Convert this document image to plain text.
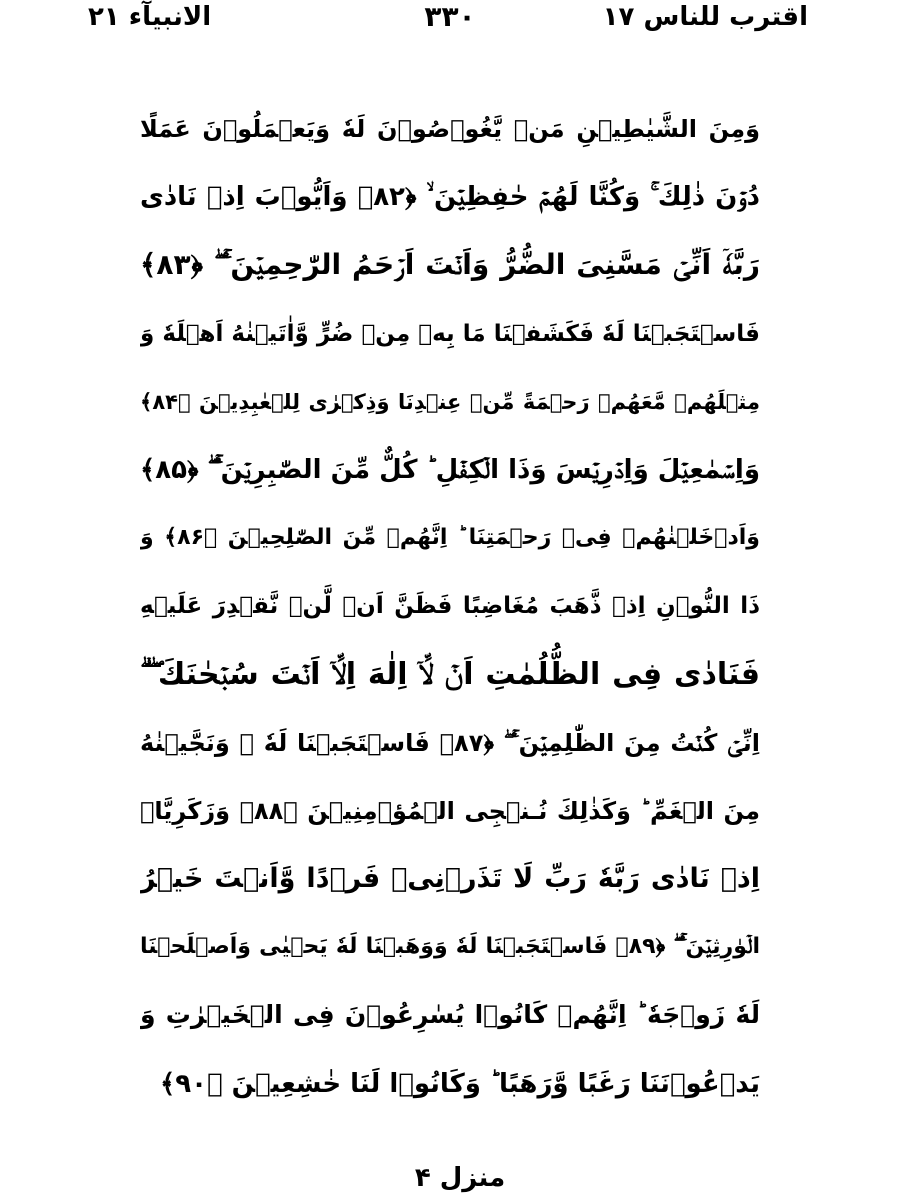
الانبيآء ٢١	٣٣٠	اقترب للناس ١٧
وَمِنَ الشَّيٰطِيۡنِ مَنۡ يَّغُوۡصُوۡنَ لَهٗ وَيَعۡمَلُوۡنَ عَمَلًا
دُوۡنَ ذٰلِكَ ۚ وَكُنَّا لَهُمۡ حٰفِظِيۡنَ ۙ ﴿۸۲﴾ وَاَيُّوۡبَ اِذۡ نَادٰى
رَبَّهٗۤ اَنِّىۡ مَسَّنِىَ الضُّرُّ وَاَنۡتَ اَرۡحَمُ الرّٰحِمِيۡنَ ۚ ۖ ﴿۸۳﴾
فَاسۡتَجَبۡنَا لَهٗ فَكَشَفۡنَا مَا بِهٖ مِنۡ ضُرٍّ وَّاٰتَيۡنٰهُ اَهۡلَهٗ وَ
مِثۡلَهُمۡ مَّعَهُمۡ رَحۡمَةً مِّنۡ عِنۡدِنَا وَذِكۡرٰى لِلۡعٰبِدِيۡنَ ﴿۸۴﴾
وَاِسۡمٰعِيۡلَ وَاِدۡرِيۡسَ وَذَا الۡكِفۡلِ ؕ كُلٌّ مِّنَ الصّٰبِرِيۡنَ ۚ ۖ ﴿۸۵﴾
وَاَدۡخَلۡنٰهُمۡ فِىۡ رَحۡمَتِنَا ؕ اِنَّهُمۡ مِّنَ الصّٰلِحِيۡنَ ﴿۸۶﴾ وَ
ذَا النُّوۡنِ اِذۡ ذَّهَبَ مُغَاضِبًا فَظَنَّ اَنۡ لَّنۡ نَّقۡدِرَ عَلَيۡهِ
فَنَادٰى فِى الظُّلُمٰتِ اَنۡ لَّاۤ اِلٰهَ اِلَّاۤ اَنۡتَ سُبۡحٰنَكَ ۖ ۗ
اِنِّىۡ كُنۡتُ مِنَ الظّٰلِمِيۡنَ ۚ ۖ ﴿۸۷﴾ فَاسۡتَجَبۡنَا لَهٗ ۙ وَنَجَّيۡنٰهُ
مِنَ الۡغَمِّ ؕ وَكَذٰلِكَ نُـنۡجِى الۡمُؤۡمِنِيۡنَ ﴿۸۸﴾ وَزَكَرِيَّاۤ
اِذۡ نَادٰى رَبَّهٗ رَبِّ لَا تَذَرۡنِىۡ فَرۡدًا وَّاَنۡتَ خَيۡرُ
الۡوٰرِثِيۡنَ ۚ ۖ ﴿۸۹﴾ فَاسۡتَجَبۡنَا لَهٗ وَوَهَبۡنَا لَهٗ يَحۡيٰى وَاَصۡلَحۡنَا
لَهٗ زَوۡجَهٗ ؕ اِنَّهُمۡ كَانُوۡا يُسٰرِعُوۡنَ فِى الۡخَيۡرٰتِ وَ
يَدۡعُوۡنَنَا رَغَبًا وَّرَهَبًا ؕ وَكَانُوۡا لَنَا خٰشِعِيۡنَ ﴿۹۰﴾
منزل ۴
